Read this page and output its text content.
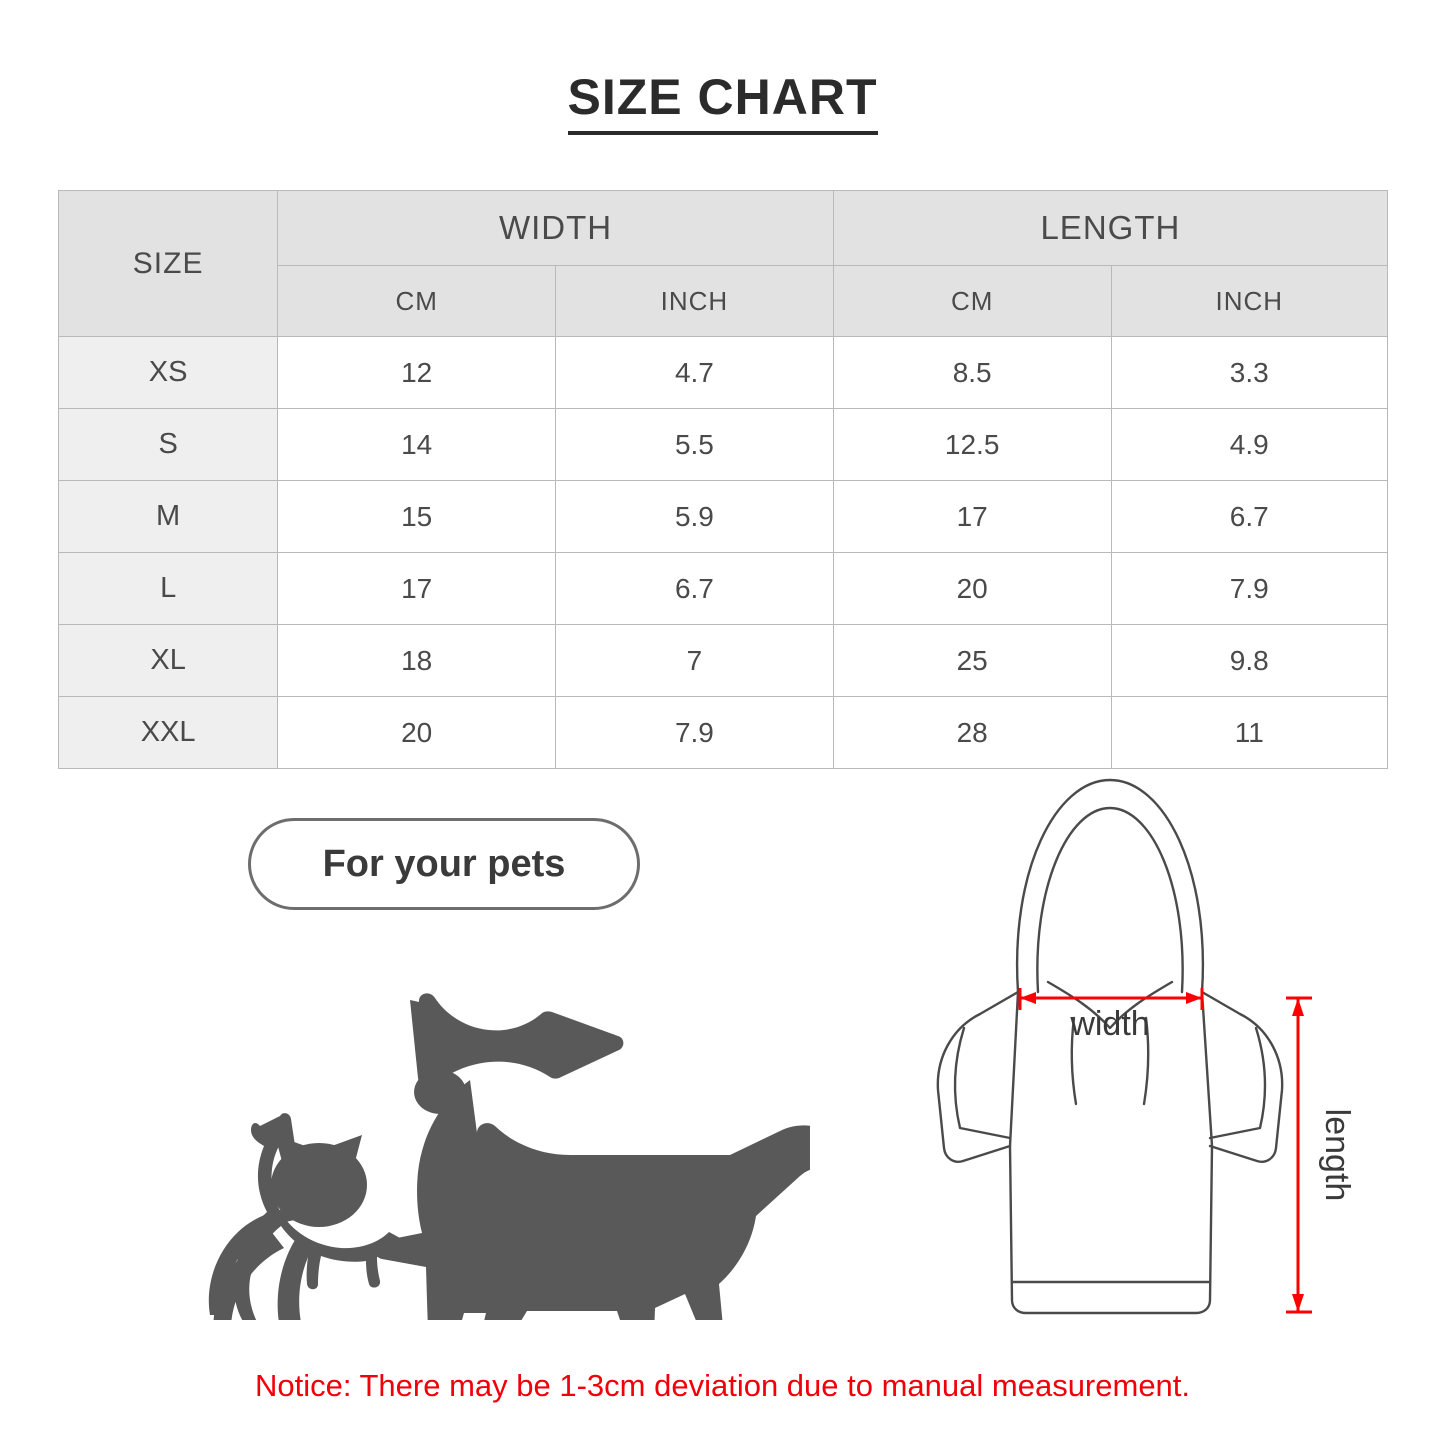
SIZE CHART
SIZE	WIDTH		LENGTH	
	CM	INCH	CM	INCH
XS	12	4.7	8.5	3.3
S	14	5.5	12.5	4.9
M	15	5.9	17	6.7
L	17	6.7	20	7.9
XL	18	7	25	9.8
XXL	20	7.9	28	11
For your pets
width
length
Notice: There may be 1-3cm deviation due to manual measurement.
